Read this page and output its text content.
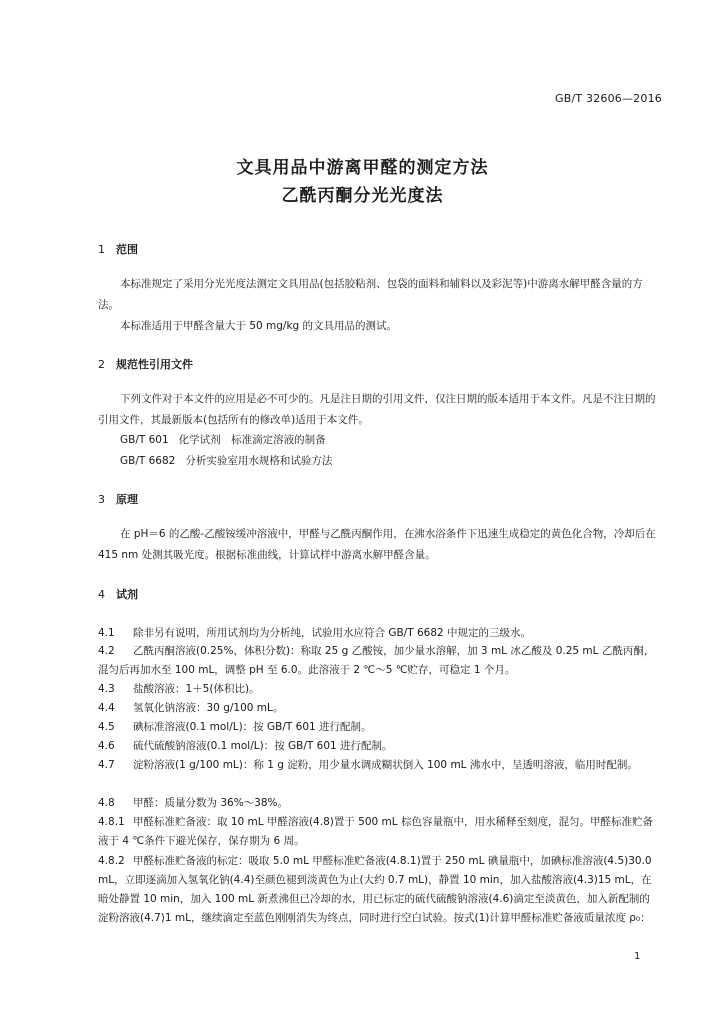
GB/T 32606—2016
文具用品中游离甲醛的测定方法
乙酰丙酮分光光度法
1 范围
本标准规定了采用分光光度法测定文具用品(包括胶粘剂、包袋的面料和辅料以及彩泥等)中游离水解甲醛含量的方法。
本标准适用于甲醛含量大于 50 mg/kg 的文具用品的测试。
2 规范性引用文件
下列文件对于本文件的应用是必不可少的。凡是注日期的引用文件，仅注日期的版本适用于本文件。凡是不注日期的引用文件，其最新版本(包括所有的修改单)适用于本文件。
GB/T 601 化学试剂　标准滴定溶液的制备
GB/T 6682 分析实验室用水规格和试验方法
3 原理
在 pH＝6 的乙酸-乙酸铵缓冲溶液中，甲醛与乙酰丙酮作用，在沸水浴条件下迅速生成稳定的黄色化合物，冷却后在 415 nm 处测其吸光度。根据标准曲线，计算试样中游离水解甲醛含量。
4 试剂
4.1 除非另有说明，所用试剂均为分析纯，试验用水应符合 GB/T 6682 中规定的三级水。
4.2 乙酰丙酮溶液(0.25%，体积分数)：称取 25 g 乙酸铵，加少量水溶解，加 3 mL 冰乙酸及 0.25 mL 乙酰丙酮，混匀后再加水至 100 mL，调整 pH 至 6.0。此溶液于 2 ℃～5 ℃贮存，可稳定 1 个月。
4.3 盐酸溶液：1＋5(体积比)。
4.4 氢氧化钠溶液：30 g/100 mL。
4.5 碘标准溶液(0.1 mol/L)：按 GB/T 601 进行配制。
4.6 硫代硫酸钠溶液(0.1 mol/L)：按 GB/T 601 进行配制。
4.7 淀粉溶液(1 g/100 mL)：称 1 g 淀粉，用少量水调成糊状倒入 100 mL 沸水中，呈透明溶液，临用时配制。
4.8 甲醛：质量分数为 36%～38%。
4.8.1 甲醛标准贮备液：取 10 mL 甲醛溶液(4.8)置于 500 mL 棕色容量瓶中，用水稀释至刻度，混匀。甲醛标准贮备液于 4 ℃条件下避光保存，保存期为 6 周。
4.8.2 甲醛标准贮备液的标定：吸取 5.0 mL 甲醛标准贮备液(4.8.1)置于 250 mL 碘量瓶中，加碘标准溶液(4.5)30.0 mL，立即逐滴加入氢氧化钠(4.4)至颜色褪到淡黄色为止(大约 0.7 mL)，静置 10 min，加入盐酸溶液(4.3)15 mL，在暗处静置 10 min，加入 100 mL 新煮沸但已冷却的水，用已标定的硫代硫酸钠溶液(4.6)滴定至淡黄色，加入新配制的淀粉溶液(4.7)1 mL，继续滴定至蓝色刚刚消失为终点，同时进行空白试验。按式(1)计算甲醛标准贮备液质量浓度 ρ₀：
1
